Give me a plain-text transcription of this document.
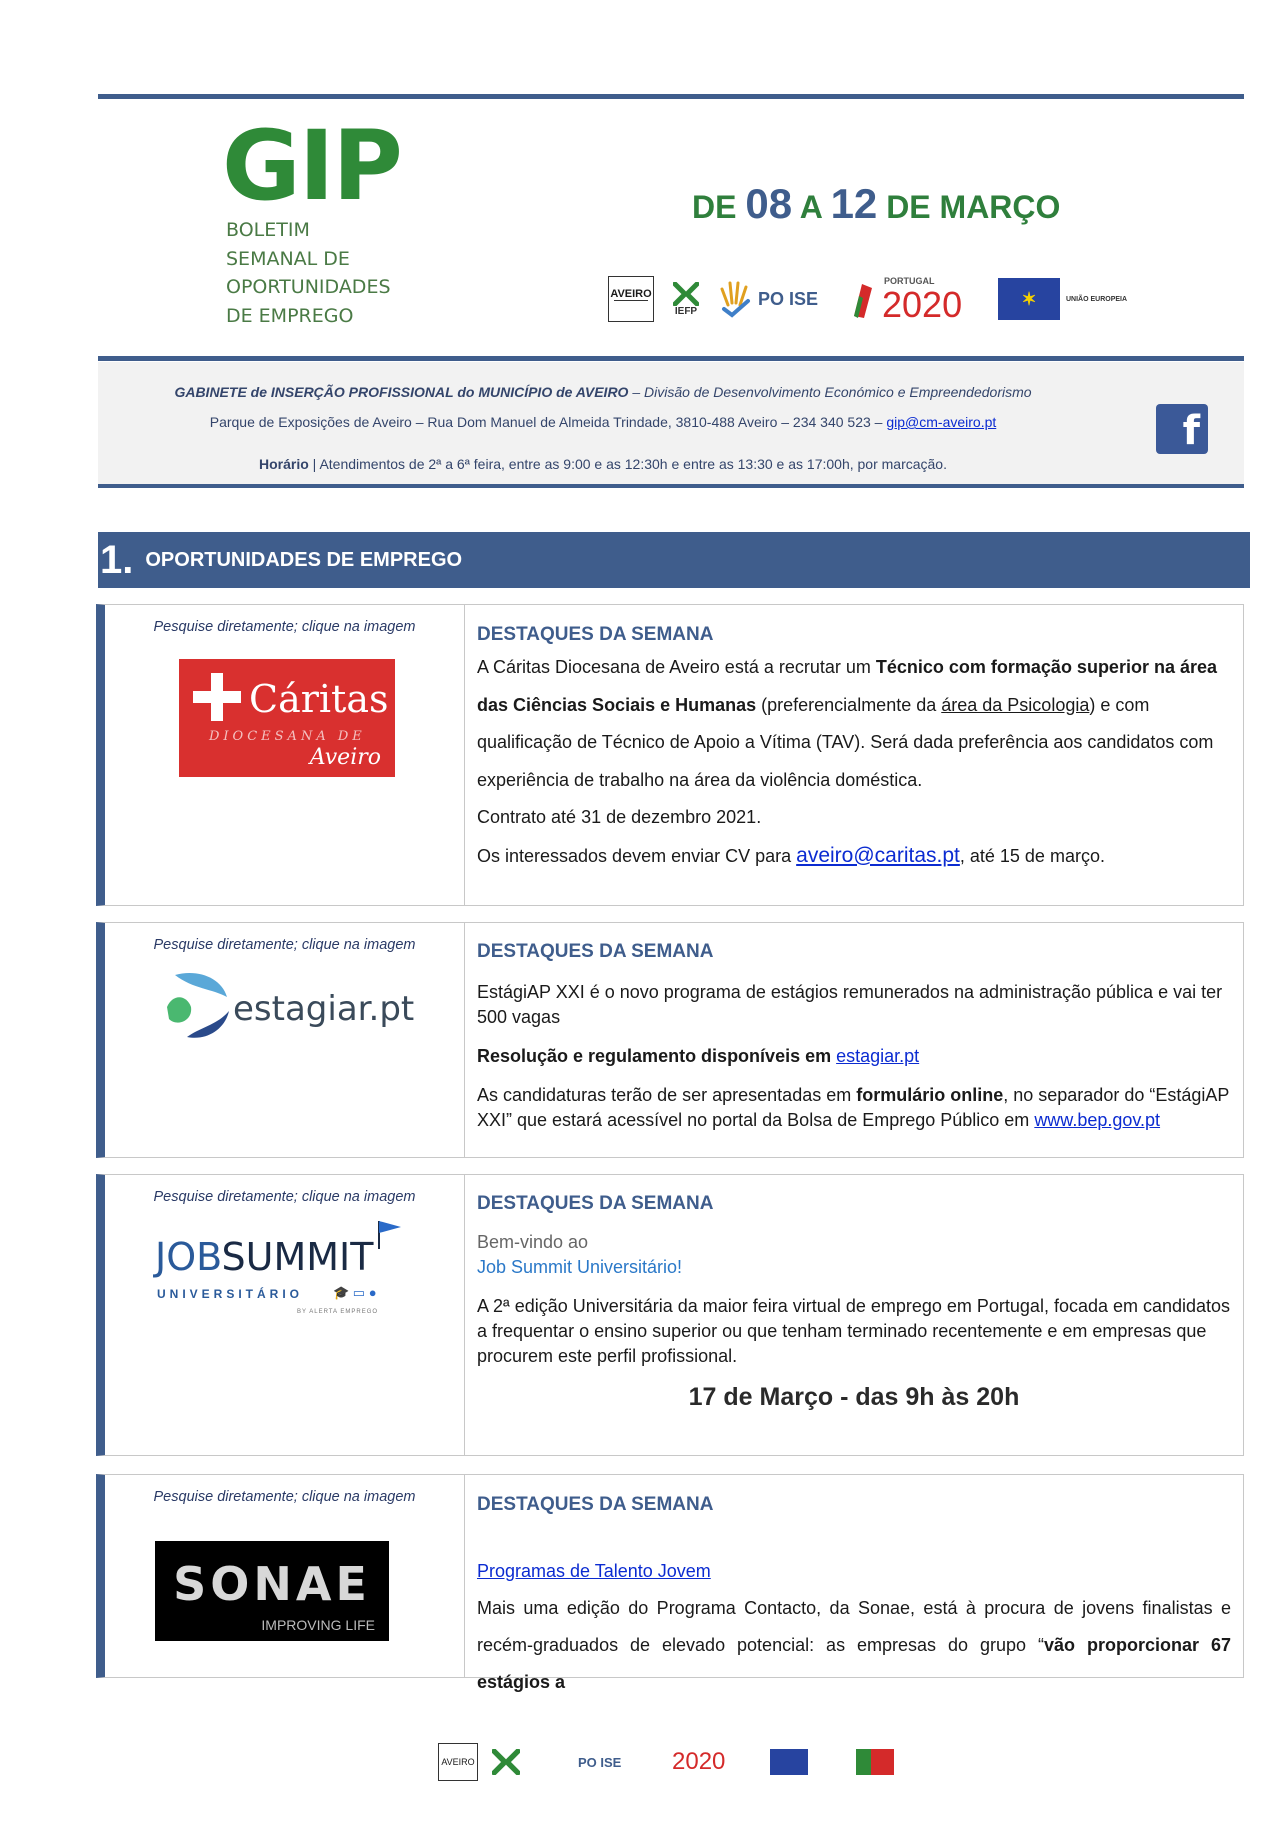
GIP
BOLETIM
SEMANAL DE
OPORTUNIDADES
DE EMPREGO
DE 08 A 12 DE MARÇO
AVEIRO
IEFP
PO ISE
PORTUGAL
2020	✶	UNIÃO EUROPEIA
GABINETE de INSERÇÃO PROFISSIONAL do MUNICÍPIO de AVEIRO – Divisão de Desenvolvimento Económico e Empreendedorismo
Parque de Exposições de Aveiro – Rua Dom Manuel de Almeida Trindade, 3810-488 Aveiro – 234 340 523 – gip@cm-aveiro.pt
Horário | Atendimentos de 2ª a 6ª feira, entre as 9:00 e as 12:30h e entre as 13:30 e as 17:00h, por marcação.
f
1. OPORTUNIDADES DE EMPREGO
Pesquise diretamente; clique na imagem
Cáritas
DIOCESANA DE
Aveiro
DESTAQUES DA SEMANA
A Cáritas Diocesana de Aveiro está a recrutar um Técnico com formação superior na área das Ciências Sociais e Humanas (preferencialmente da área da Psicologia) e com qualificação de Técnico de Apoio a Vítima (TAV). Será dada preferência aos candidatos com experiência de trabalho na área da violência doméstica.
Contrato até 31 de dezembro 2021.
Os interessados devem enviar CV para aveiro@caritas.pt, até 15 de março.
Pesquise diretamente; clique na imagem
estagiar.pt
DESTAQUES DA SEMANA
EstágiAP XXI é o novo programa de estágios remunerados na administração pública e vai ter 500 vagas
Resolução e regulamento disponíveis em estagiar.pt
As candidaturas terão de ser apresentadas em formulário online, no separador do “EstágiAP XXI” que estará acessível no portal da Bolsa de Emprego Público em www.bep.gov.pt
Pesquise diretamente; clique na imagem
JOBSUMMIT
UNIVERSITÁRIO 🎓 ▭ ●
BY ALERTA EMPREGO
DESTAQUES DA SEMANA
Bem-vindo ao
Job Summit Universitário!
A 2ª edição Universitária da maior feira virtual de emprego em Portugal, focada em candidatos a frequentar o ensino superior ou que tenham terminado recentemente e em empresas que procurem este perfil profissional.
17 de Março - das 9h às 20h
Pesquise diretamente; clique na imagem
SONAE
IMPROVING LIFE
DESTAQUES DA SEMANA
Programas de Talento Jovem
Mais uma edição do Programa Contacto, da Sonae, está à procura de jovens finalistas e recém-graduados de elevado potencial: as empresas do grupo “vão proporcionar 67 estágios a
AVEIRO	PO ISE	2020
